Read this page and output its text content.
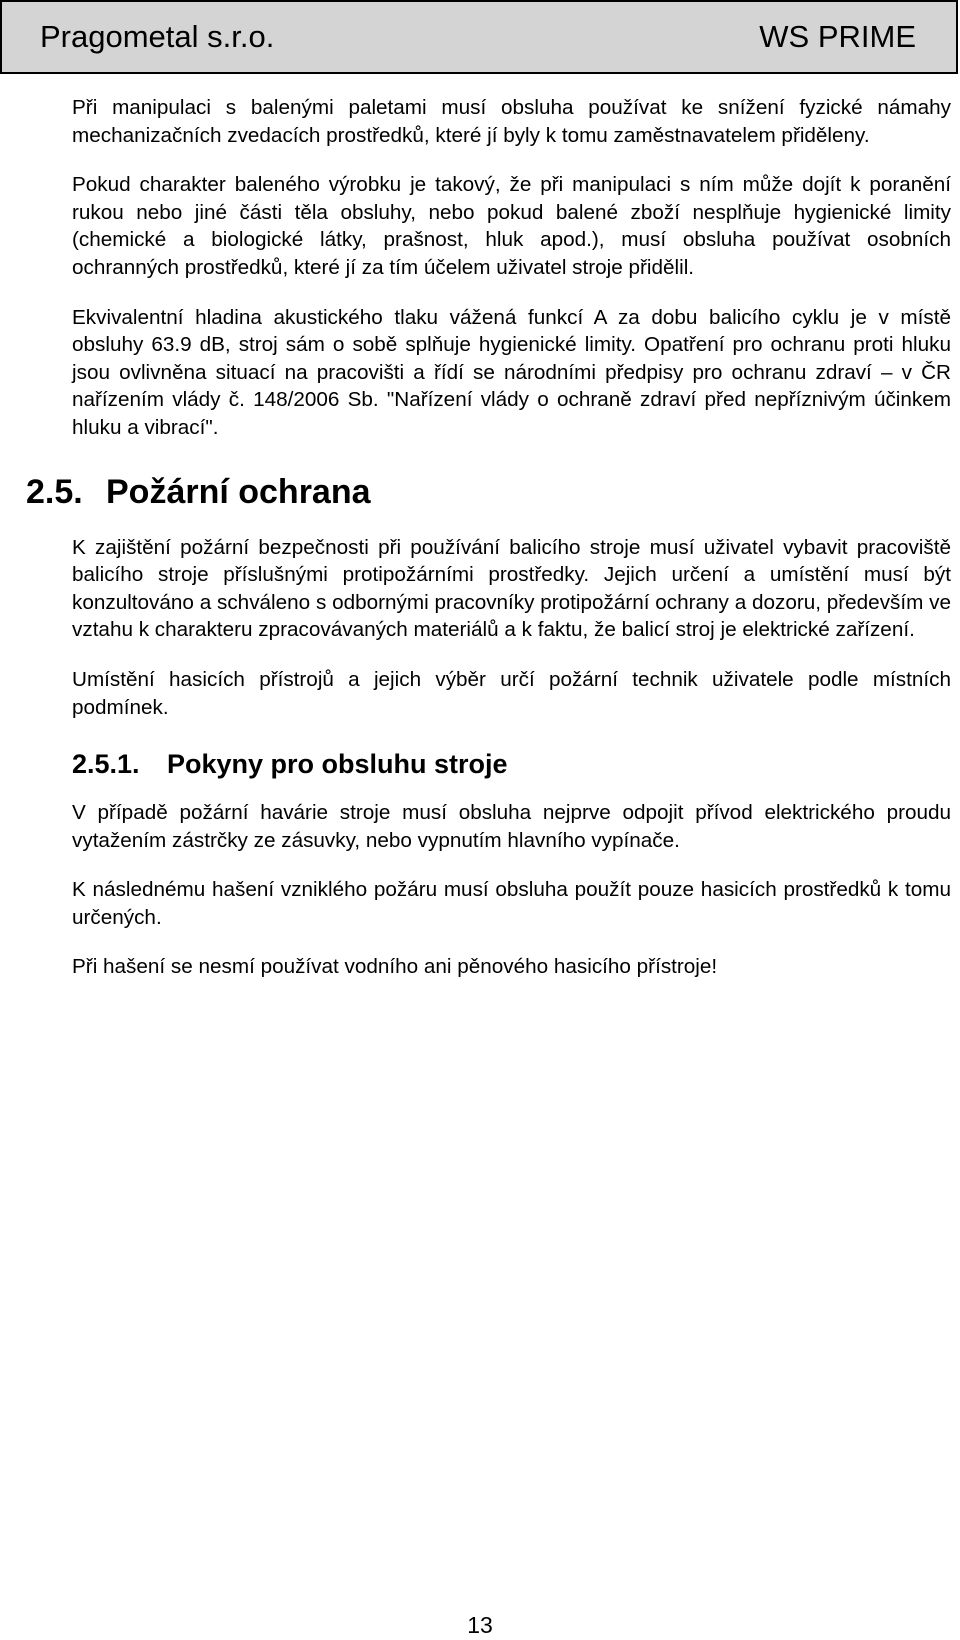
Pragometal s.r.o.	WS PRIME

Při manipulaci s balenými paletami musí obsluha používat ke snížení fyzické námahy mechanizačních zvedacích prostředků, které jí byly k tomu zaměstnavatelem přiděleny.

Pokud charakter baleného výrobku je takový, že při manipulaci s ním může dojít k poranění rukou nebo jiné části těla obsluhy, nebo pokud balené zboží nesplňuje hygienické limity (chemické a biologické látky, prašnost, hluk apod.), musí obsluha používat osobních ochranných prostředků, které jí za tím účelem uživatel stroje přidělil.

Ekvivalentní hladina akustického tlaku vážená funkcí A za dobu balicího cyklu je v místě obsluhy 63.9 dB, stroj sám o sobě splňuje hygienické limity. Opatření pro ochranu proti hluku jsou ovlivněna situací na pracovišti a řídí se národními předpisy pro ochranu zdraví – v ČR nařízením vlády č. 148/2006 Sb. "Nařízení vlády o ochraně zdraví před nepříznivým účinkem hluku a vibrací".

2.5. Požární ochrana

K zajištění požární bezpečnosti při používání balicího stroje musí uživatel vybavit pracoviště balicího stroje příslušnými protipožárními prostředky. Jejich určení a umístění musí být konzultováno a schváleno s odbornými pracovníky protipožární ochrany a dozoru, především ve vztahu k charakteru zpracovávaných materiálů a k faktu, že balicí stroj je elektrické zařízení.

Umístění hasicích přístrojů a jejich výběr určí požární technik uživatele podle místních podmínek.

2.5.1. Pokyny pro obsluhu stroje

V případě požární havárie stroje musí obsluha nejprve odpojit přívod elektrického proudu vytažením zástrčky ze zásuvky, nebo vypnutím hlavního vypínače.

K následnému hašení vzniklého požáru musí obsluha použít pouze hasicích prostředků k tomu určených.

Při hašení se nesmí používat vodního ani pěnového hasicího přístroje!

13
